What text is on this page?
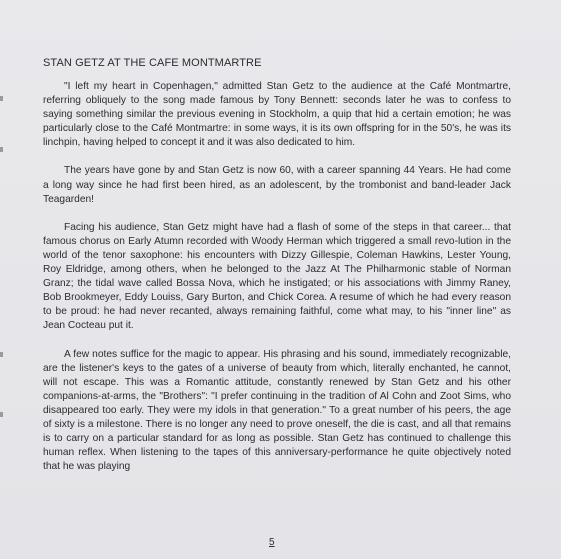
STAN GETZ AT THE CAFE MONTMARTRE

"I left my heart in Copenhagen," admitted Stan Getz to the audience at the Café Montmartre, referring obliquely to the song made famous by Tony Bennett: seconds later he was to confess to saying something similar the previous evening in Stockholm, a quip that hid a certain emotion; he was particularly close to the Café Montmartre: in some ways, it is its own offspring for in the 50's, he was its linchpin, having helped to concept it and it was also dedicated to him.

The years have gone by and Stan Getz is now 60, with a career spanning 44 Years. He had come a long way since he had first been hired, as an adolescent, by the trombonist and band-leader Jack Teagarden!

Facing his audience, Stan Getz might have had a flash of some of the steps in that career... that famous chorus on Early Atumn recorded with Woody Herman which triggered a small revo-lution in the world of the tenor saxophone: his encounters with Dizzy Gillespie, Coleman Hawkins, Lester Young, Roy Eldridge, among others, when he belonged to the Jazz At The Philharmonic stable of Norman Granz; the tidal wave called Bossa Nova, which he instigated; or his associations with Jimmy Raney, Bob Brookmeyer, Eddy Louiss, Gary Burton, and Chick Corea. A resume of which he had every reason to be proud: he had never recanted, always remaining faithful, come what may, to his "inner line" as Jean Cocteau put it.

A few notes suffice for the magic to appear. His phrasing and his sound, immediately recognizable, are the listener's keys to the gates of a universe of beauty from which, literally enchanted, he cannot, will not escape. This was a Romantic attitude, constantly renewed by Stan Getz and his other companions-at-arms, the "Brothers": "I prefer continuing in the tradition of Al Cohn and Zoot Sims, who disappeared too early. They were my idols in that generation." To a great number of his peers, the age of sixty is a milestone. There is no longer any need to prove oneself, the die is cast, and all that remains is to carry on a particular standard for as long as possible. Stan Getz has continued to challenge this human reflex. When listening to the tapes of this anniversary-performance he quite objectively noted that he was playing

5
